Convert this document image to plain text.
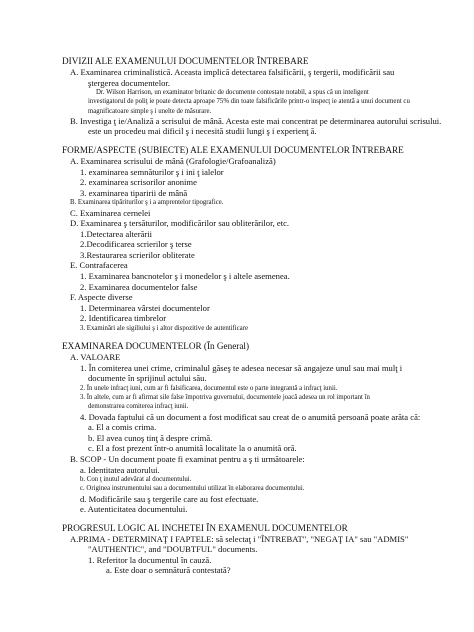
DIVIZII ALE EXAMENULUI DOCUMENTELOR ÎNTREBARE
A. Examinarea criminalistică. Aceasta implică detectarea falsificării, ş tergerii, modificării sau
ştergerea documentelor.
Dr. Wilson Harrison, un examinator britanic de documente contestate notabil, a spus că un inteligent
investigatorul de poliţ ie poate detecta aproape 75% din toate falsificările printr-o inspecţ ie atentă a unui document cu
magnificatoare simple ş i unelte de măsurare.
B. Investiga ţ ie/Analiză a scrisului de mână. Acesta este mai concentrat pe determinarea autorului scrisului.
este un procedeu mai dificil ş i necesită studii lungi ş i experienţ ă.
FORME/ASPECTE (SUBIECTE) ALE EXAMENULUI DOCUMENTELOR ÎNTREBARE
A. Examinarea scrisului de mână (Grafologie/Grafoanaliză)
1. examinarea semnăturilor ş i ini ţ ialelor
2. examinarea scrisorilor anonime
3. examinarea tiparirii de mână
B. Examinarea tipăriturilor ş i a amprentelor tipografice.
C. Examinarea cernelei
D. Examinarea ş tersăturilor, modificărilor sau obliterărilor, etc.
1.Detectarea alterării
2.Decodificarea scrierilor ş terse
3.Restaurarea scrierilor obliterate
E. Contrafacerea
1. Examinarea bancnotelor ş i monedelor ş i altele asemenea.
2. Examinarea documentelor false
F. Aspecte diverse
1. Determinarea vârstei documentelor
2. Identificarea timbrelor
3. Examinări ale sigiliului ş i altor dispozitive de autentificare
EXAMINAREA DOCUMENTELOR (În General)
A. VALOARE
1. În comiterea unei crime, criminalul găseş te adesea necesar să angajeze unul sau mai mulţ i
documente în sprijinul actului său.
2. În unele infracţ iuni, cum ar fi falsificarea, documentul este o parte integrantă a infracţ iunii.
3. În altele, cum ar fi afirmat sile false împotriva guvernului, documentele joacă adesea un rol important în
demonstrarea comiterea infracţ iunii.
4. Dovada faptului că un document a fost modificat sau creat de o anumită persoană poate arăta că:
a. El a comis crima.
b. El avea cunoş tinţ ă despre crimă.
c. El a fost prezent într-o anumită localitate la o anumită oră.
B. SCOP - Un document poate fi examinat pentru a ş ti următoarele:
a. Identitatea autorului.
b. Con ţ inutul adevărat al documentului.
c. Originea instrumentului sau a documentului utilizat în elaborarea documentului.
d. Modificările sau ş tergerile care au fost efectuate.
e. Autenticitatea documentului.
PROGRESUL LOGIC AL INCHETEI ÎN EXAMENUL DOCUMENTELOR
A.PRIMA - DETERMINAŢ I FAPTELE: să selectaţ i "ÎNTREBAT", "NEGAŢ IA" sau "ADMIS"
"AUTHENTIC", and "DOUBTFUL" documents.
1. Referitor la documentul în cauză.
a. Este doar o semnătură contestată?
